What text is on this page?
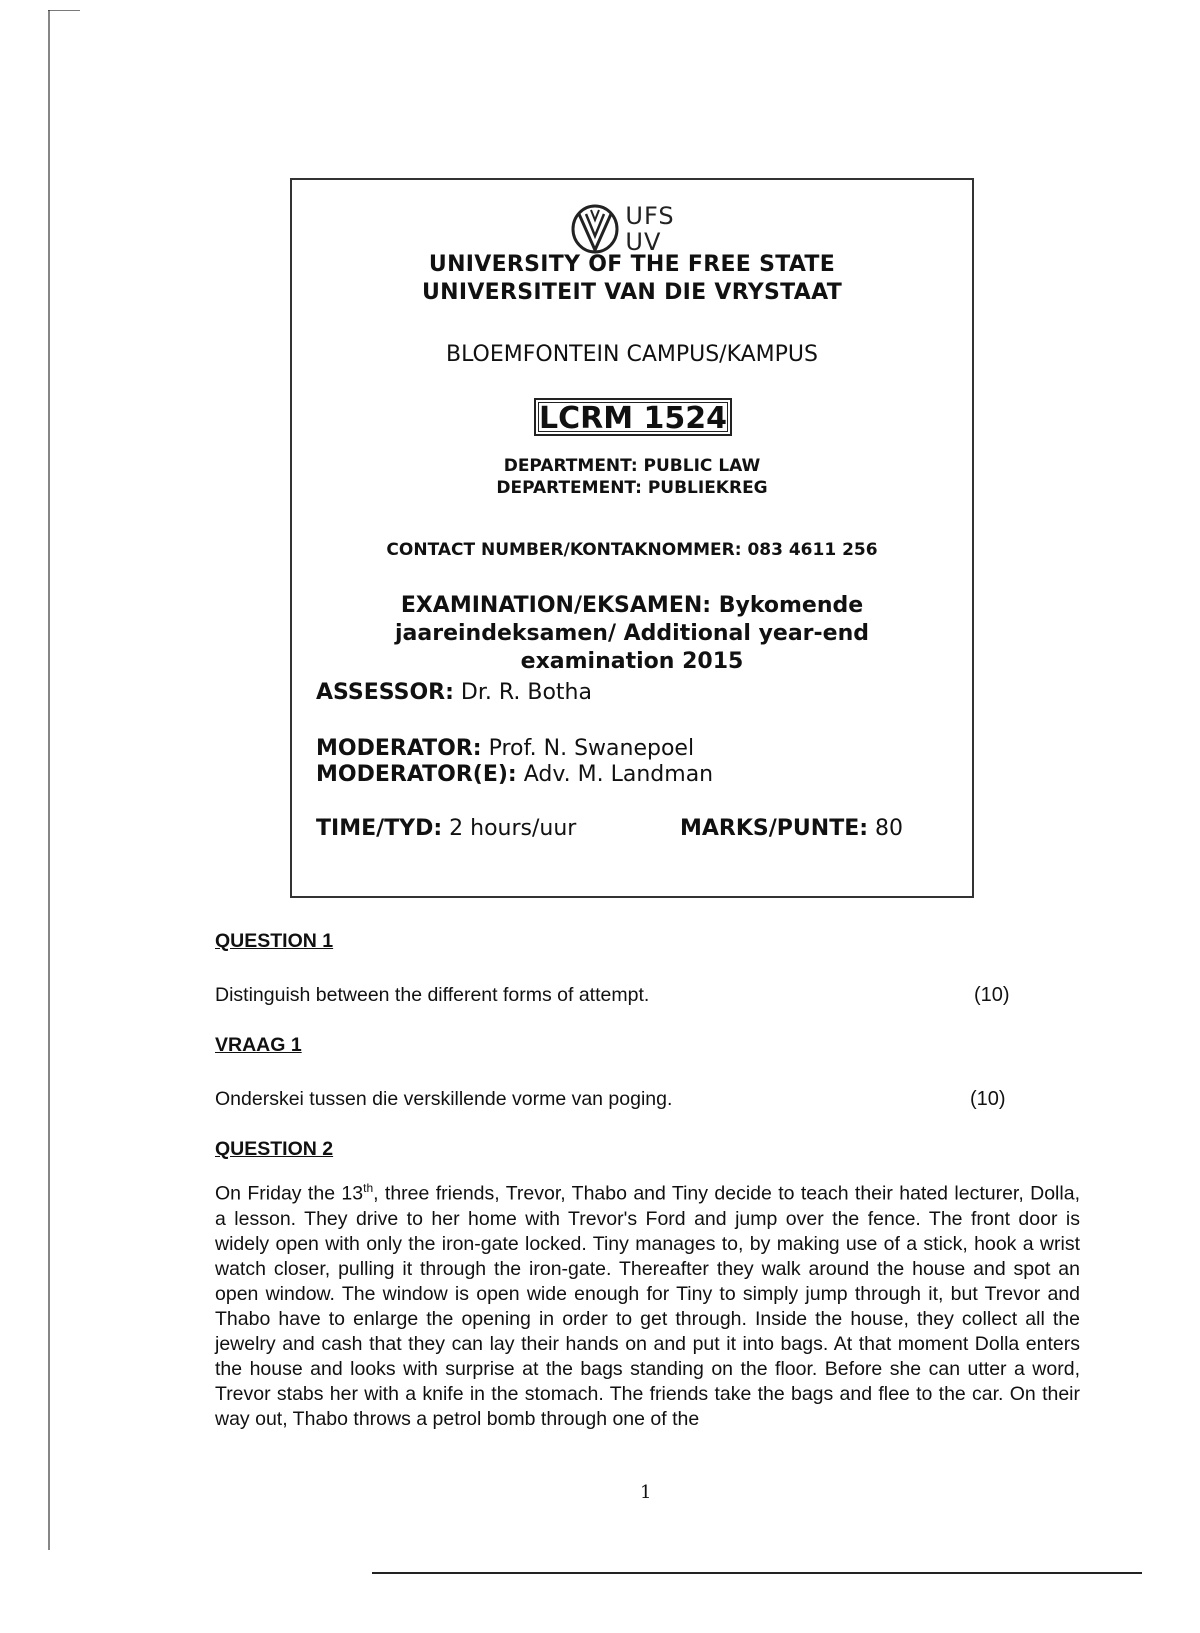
UFS
UV
UNIVERSITY OF THE FREE STATE
UNIVERSITEIT VAN DIE VRYSTAAT
BLOEMFONTEIN CAMPUS/KAMPUS
LCRM 1524
DEPARTMENT: PUBLIC LAW
DEPARTEMENT: PUBLIEKREG
CONTACT NUMBER/KONTAKNOMMER: 083 4611 256
EXAMINATION/EKSAMEN: Bykomende
jaareindeksamen/ Additional year-end
examination 2015
ASSESSOR: Dr. R. Botha
MODERATOR: Prof. N. Swanepoel
MODERATOR(E): Adv. M. Landman
TIME/TYD: 2 hours/uur	MARKS/PUNTE: 80
QUESTION 1
Distinguish between the different forms of attempt.	(10)
VRAAG 1
Onderskei tussen die verskillende vorme van poging.	(10)
QUESTION 2
On Friday the 13th, three friends, Trevor, Thabo and Tiny decide to teach their hated lecturer, Dolla, a lesson. They drive to her home with Trevor's Ford and jump over the fence. The front door is widely open with only the iron-gate locked. Tiny manages to, by making use of a stick, hook a wrist watch closer, pulling it through the iron-gate. Thereafter they walk around the house and spot an open window. The window is open wide enough for Tiny to simply jump through it, but Trevor and Thabo have to enlarge the opening in order to get through. Inside the house, they collect all the jewelry and cash that they can lay their hands on and put it into bags. At that moment Dolla enters the house and looks with surprise at the bags standing on the floor. Before she can utter a word, Trevor stabs her with a knife in the stomach. The friends take the bags and flee to the car. On their way out, Thabo throws a petrol bomb through one of the
1
